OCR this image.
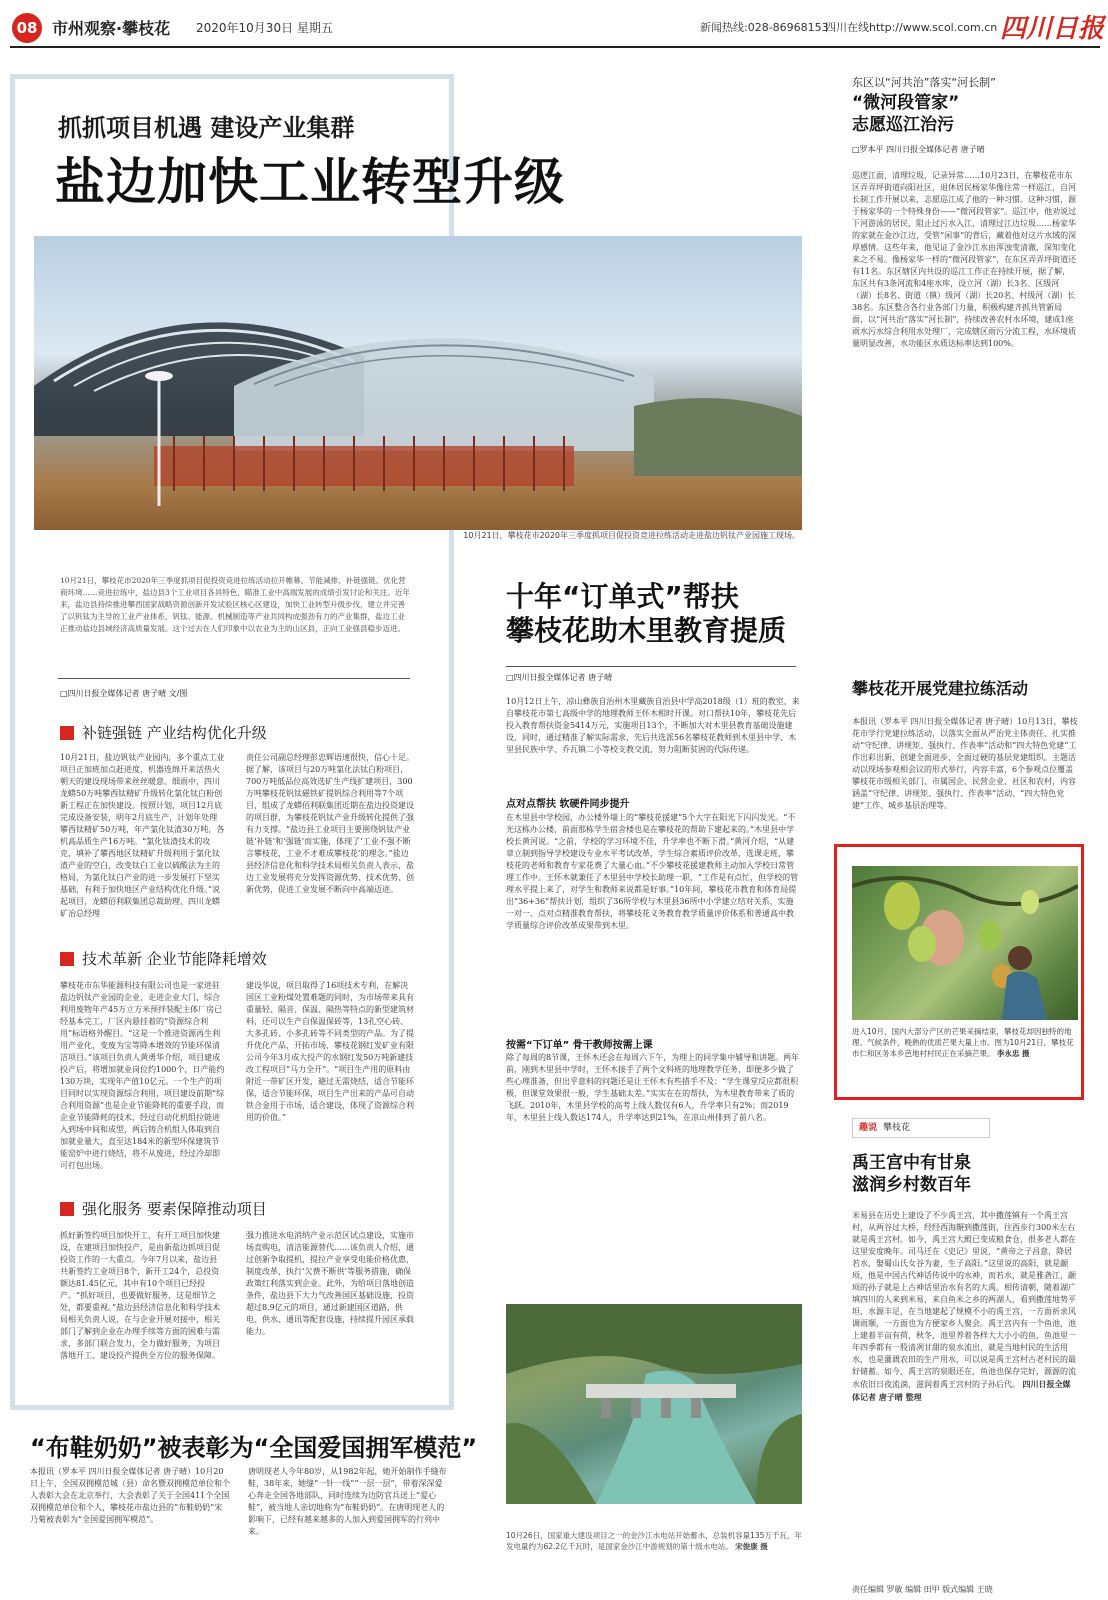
08 市州观察·攀枝花 2020年10月30日 星期五	新闻热线:028-86968153
四川在线http://www.scol.com.cn 四川日报
抓抓项目机遇 建设产业集群
盐边加快工业转型升级
10月21日，攀枝花市2020年三季度抓项目促投资竞进拉练活动走进盐边钒钛产业园施工现场。
10月21日，攀枝花市2020年三季度抓项目促投资竞进拉练活动拉开帷幕。节能减排、补链强链、优化营商环境……竞进拉练中，盐边县3个工业项目各具特色，瞄准工业中高端发展的成绩引发讨论和关注。近年来，盐边县持续推进攀西国家战略资源创新开发试验区核心区建设，加快工业转型升级步伐，建立并完善了以钒钛为主导的工业产业体系，钒钛、能源、机械制造等产业共同构成强劲有力的产业集群，盐边工业正推动盐边县域经济高质量发展。这个过去在人们印象中以农业为主的山区县，正向工业强县稳步迈进。
□四川日报全媒体记者 唐子晴 文/图
补链强链 产业结构优化升级
10月21日，盐边钒钛产业园内，多个重点工业项目正加班加点赶进度，机器连绵开来活热火朝天的建设现场带来丝丝暖意。细雨中，四川龙蟒50万吨攀西钛精矿升级转化氯化钛白粉创新工程正在加快建设。按照计划，项目12月底完成设备安装，明年2月底生产，计划年处理攀西钛精矿50万吨，年产氯化钛渣30万吨，各机高品质生产16万吨。“氯化钛渣技术的攻克，填补了攀西地区钛精矿升级利用于氯化钛渣产业的空白，改变钛白工业以硫酸法为主的格局，为氯化钛白产业的进一步发展打下坚实基础，有利于加快地区产业结构优化升级。”说起项目，龙蟒佰利联集团总裁助理、四川龙蟒矿冶总经理
责任公司副总经理彭忠辉语速很快，信心十足。据了解，该项目与20万吨氯化法钛白粉项目，700万吨低品位高效选矿生产线扩建项目，300万吨攀枝花钒钛磁铁矿提钒综合利用等7个项目，组成了龙蟒佰利联集团近期在盐边投资建设的项目群，为攀枝花钒钛产业升级转化提供了强有力支撑。“盐边县工业项目主要围绕钒钛产业链‘补链’和‘强链’而实施，体现了‘工业不强不断言攀枝花，工业不才难成攀枝花’的理念。”盐边县经济信息化和科学技术局相关负责人表示，盐边工业发展将充分发挥资源优势、技术优势、创新优势，促进工业发展不断向中高端迈进。
技术革新 企业节能降耗增效
攀枝花市东华能源科技有限公司也是一家进驻盐边钒钛产业园的企业，走进企业大门，综合利用废物年产45万立方米预拌装配主体厂房已经基本完工，厂区内悬挂着的“资源综合利用”标语格外醒目。“这是一个推进资源再生利用产业化，变废为宝等降本增效的节能环保清洁项目。”该项目负责人黄勇华介绍，项目建成投产后，将增加就业岗位约1000个，日产能约130万块，实现年产值10亿元。一个生产的项目同时以实现资源综合利用，项目建设前期“综合利用资源”也是企业节能降耗的重要手段，而企业节能降耗的技术，经过自动化机组拉链进入到场中间和成型，两后铸合机组人体取到自加就业量大，直至达184米的新型环保建筑节能窑炉中进行烧结，将不从废进，经过冷却即可打包出场。
建设华说，项目取得了16项技术专利，在解决国区工业粉煤处置难题的同时，为市场带来具有重量轻、隔音、保温、隔热等特点的新型建筑材料，还可以生产自保温保砖等，13孔空心砖、大多孔砖、小多孔砖等不同类型的产品。为了提升优化产品，开拓市场，攀枝花钢红发矿业有限公司今年3月成大投产的水钢红发50万吨新建技改工程项目“马力全开”。“项目生产用的原料由附近一带矿区开发，避过无需烧结，适合节能环保，适合节能环保，项目生产出来的产品可自动铁合金用于市场，适合建设，体现了资源综合利用的价值。”
强化服务 要素保障推动项目
抓好新签约项目加快开工，有开工项目加快建设，在建项目加快投产，是由新盐边抓项目促投资工作的一大重点。今年7月以来，盐边县共新签约工业项目8个，新开工24个，总投资额达81.45亿元，其中有10个项目已经投产。“抓好项目，也要做好服务，这是细节之处，都要重视。”盐边县经济信息化和科学技术局相关负责人说，在与企业开展对接中，相关部门了解到企业在办理手续等方面的困难与需求，多部门联合发力，全力做好服务，为项目落地开工、建设投产提供全方位的服务保障。
强力推进水电消纳产业示范区试点建设，实施市场直购电，清洁能源替代……该负责人介绍，通过创新争取提机，提拉产业享受电能价格优惠，制度改革，执行‘欠费不断供’等服务措施，确保政策红利落实到企业。此外，为给项目落地创造条件，盐边县下大力气改善国区基础设施，投资超过8.9亿元的项目，通过新建国区道路，供电、供水、通讯等配套设施，持续提升园区承载能力。
“布鞋奶奶”被表彰为“全国爱国拥军模范”
本报讯（罗本平 四川日报全媒体记者 唐子晴）10月20日上午，全国双拥模范城（县）命名暨双拥模范单位和个人表彰大会在北京举行，大会表彰了关于全国411个全国双拥模范单位和个人，攀枝花市盐边县的“布鞋奶奶”宋乃菊被表彰为“全国爱国拥军模范”。
唐明现老人今年80岁，从1982年起，她开始制作手缝布鞋，38年来，她缝“一针一线”“一层一层”，带着深深爱心奔走全国各地部队，同时连续为边防官兵送上“爱心鞋”，被当地人亲切地称为“布鞋奶奶”。在唐明现老人的影响下，已经有越来越多的人加入到爱国拥军的行列中来。
十年“订单式”帮扶
攀枝花助木里教育提质
□四川日报全媒体记者 唐子晴
10月12日上午，凉山彝族自治州木里藏族自治县中学高2018级（1）班的教室，来自攀枝花市第七高级中学的地理教师王怀木相时开课。对口帮扶10年，攀枝花先后投入教育帮扶资金5414万元，实施项目13个，不断加大对木里县教育基础设施建设，同时，通过精准了解实际需求，先后共选派56名攀枝花教师到木里县中学、木里县民族中学、乔瓦镇二小等校支教交流，努力阻断贫困的代际传递。
点对点帮扶 软硬件同步提升
在木里县中学校园，办公楼外墙上的“攀枝花援建”5个大字在阳光下闪闪发光。“不光这栋办公楼，前面那栋学生宿舍楼也是在攀枝花的帮助下建起来的。”木里县中学校长黄河说。“之前，学校的学习环境不佳，升学率也不断下滑。”黄河介绍，“从建章立制到指导学校建设专业水平考试改革，学生综合素质评价改革，选课走班，攀枝花的老师和教育专家花费了大量心血。”不少攀枝花援建教师主动加入学校日常管理工作中。王怀木就兼任了木里县中学校长助理一职，“工作是有点忙，但学校的管理水平提上来了，对学生和教师来说都是好事。”10年间，攀枝花市教育和体育局提出“36+36”帮扶计划，组织了36所学校与木里县36所中小学建立结对关系，实施一对一、点对点精准教育帮扶，将攀枝花义务教育教学质量评价体系和普通高中教学质量综合评价改革成果带到木里。
按需“下订单” 骨干教师按需上课
除了每周的8节课，王怀木还会在每周六下午，为理上的同学集中辅导和讲题。两年前，刚到木里县中学时，王怀木接手了两个文科班的地理教学任务，即便多少做了些心理准备，但出乎意料的问题还是让王怀木有些措手不及：“学生课堂反应都很积极，但课堂效果很一般，学生基础太差。”实实在在的帮扶，为木里教育带来了质的飞跃。2010年，木里县学校的高考上线人数仅有6人，升学率只有2%；而2019年，木里县上线人数达174人，升学率达到21%，在凉山州排到了前八名。
10月26日，国家重大建设项目之一的金沙江水电站开始蓄水，总装机容量135万千瓦，年发电量约为62.2亿千瓦时，是国家金沙江中游规划的第十级水电站。 宋俊康 摄
东区以“河共治”落实“河长制”
“微河段管家”
志愿巡江治污
□罗本平 四川日报全媒体记者 唐子晴
巡逻江面，清理垃圾，记录异常……10月23日，在攀枝花市东区弄弄坪街道向阳社区，退休居民杨家华像往常一样巡江，自河长制工作开展以来，志愿巡江成了他的一种习惯。这种习惯，源于杨家华的一个特殊身份——“微河段管家”。巡江中，他劝说过下河游泳的居民，阻止过污水入江，清理过江边垃圾……杨家华的家就在金沙江边，受管“闲事”的背后，藏着他对这片水域的深厚感情。这些年来，他见证了金沙江水由浑浊变清澈，深知变化来之不易。像杨家华一样的“微河段管家”，在东区弄弄坪街道还有11名。东区辖区内共设的巡江工作正在持续开展，据了解，东区共有3条河流和4座水库，设立河（湖）长3名、区级河（湖）长8名、街道（镇）级河（湖）长20名、村级河（湖）长38名。东区整合各行业各部门力量，积极构建齐抓共管新局面，以“河共治”落实“河长制”，持续改善农村水环境，建成1座雨水污水综合利用水处理厂，完成辖区雨污分流工程，水环境质量明显改善，水功能区水质达标率达到100%。
攀枝花开展党建拉练活动
本报讯（罗本平 四川日报全媒体记者 唐子晴）10月13日，攀枝花市学行党建拉练活动，以落实全面从严治党主体责任、扎实推动“守纪律、讲规矩、强执行、作表率”活动和“四大特色党建”工作出彩出新、创建全面进步、全面过硬的基层党建组织。主题活动以现场参观相会议的形式举行，内容丰富，6个参观点位覆盖攀枝花市级相关部门、市属国企、民营企业、社区和农村，内容涵盖“守纪律、讲规矩、强执行、作表率”活动、“四大特色党建”工作、城乡基层治理等。
进入10月，国内大部分产区的芒果采摘结束，攀枝花却因独特的地理、气候条件，晚熟的优质芒果大量上市。图为10月21日，攀枝花市仁和区务本乡芭地村村民正在采摘芒果。 李永忠 摄
趣说 攀枝花
禹王宫中有甘泉
滋润乡村数百年
米易县在历史上建设了不少禹王宫，其中撒莲镇有一个禹王宫村，从两谷过大桥，经经西海辗到撒莲街，往西步行300米左右就是禹王宫村。如今，禹王宫大殿已变成粮食仓，很多老人都在这里安度晚年。司马迁在《史记》里说，“黄帝之子昌意，降居若水，娶蜀山氏女谷为妻，生子高阳。”这里说的高阳，就是颛顼，他是中国古代神话传说中的水神，而若水，就是雅砻江，颛顼的孙子就是上古神话里治水有名的大禹。相传清朝，随着湖广填四川的人来到米易，来自鱼米之乡的两湖人，看到撒莲地势平坦、水源丰足，在当地建起了规模不小的禹王宫，一方面祈求风调雨顺，一方面也为方便家乡人聚会。禹王宫内有一个鱼池，池上建着半亩有荷，秋冬，池里养着各样大大小小的鱼，鱼池里一年四季都有一股清冽甘甜的泉水流出，就是当地村民的生活用水，也是灌溉农田的生产用水，可以说是禹王宫村古老村民的最好储蓄。如今，禹王宫的泉眼还在，鱼池也保存完好，源源的流水依旧日夜流淌，滋润着禹王宫村的子孙后代。 四川日报全媒体记者 唐子晴 整理
责任编辑 罗敏 编辑 田甲 版式编辑 王晓
